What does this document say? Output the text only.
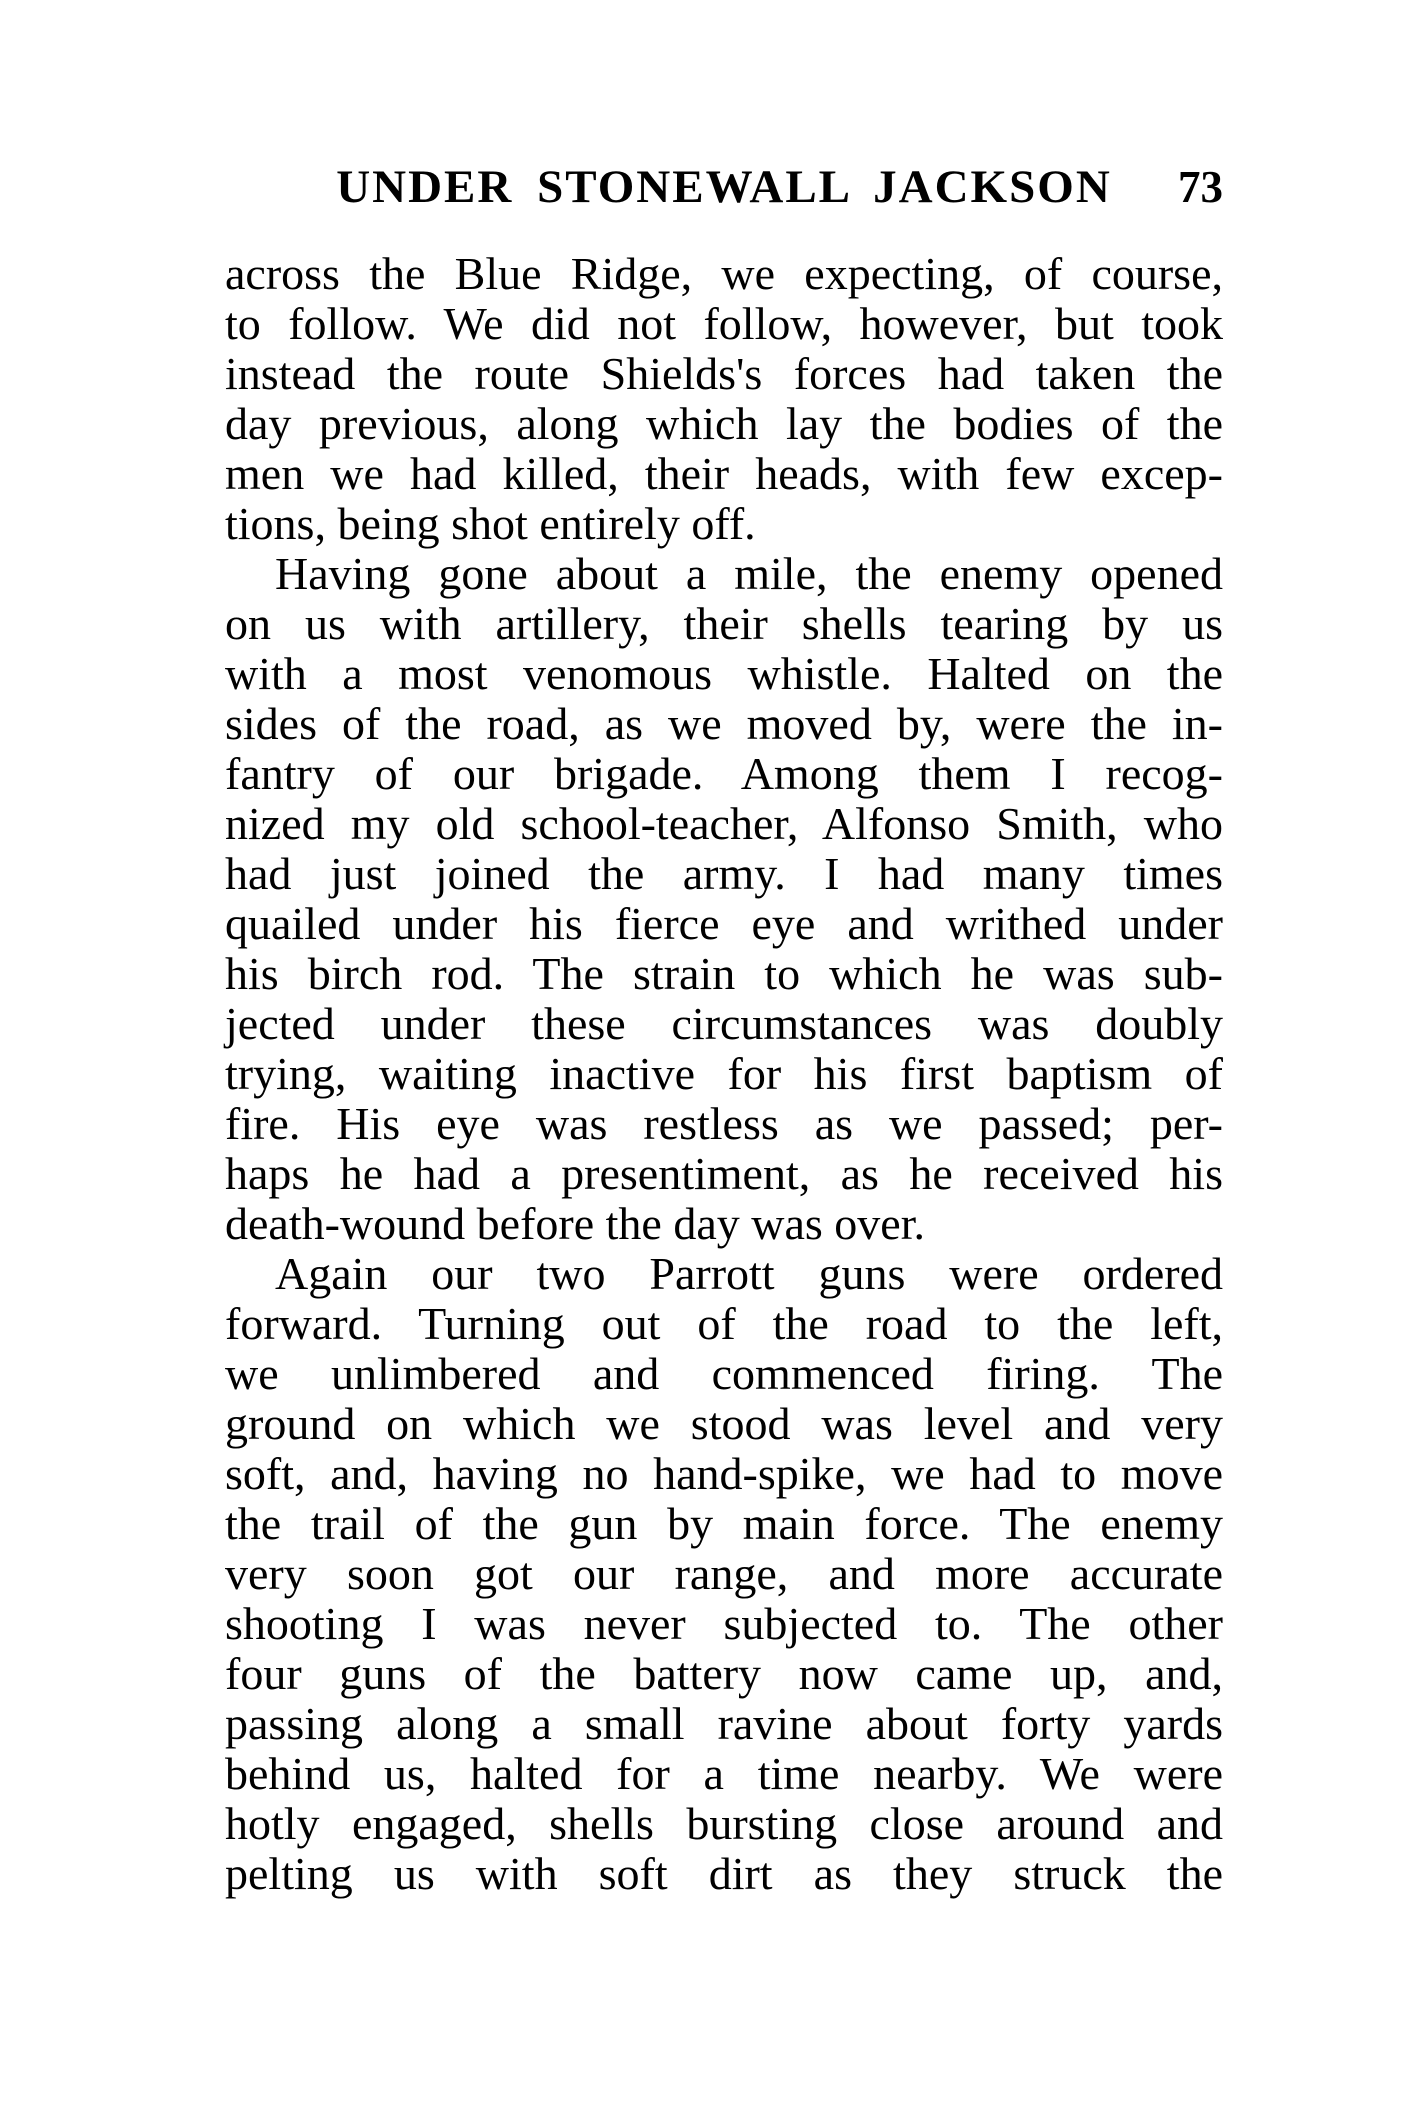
UNDER STONEWALL JACKSON	73
across the Blue Ridge, we expecting, of course,
to follow. We did not follow, however, but took
instead the route Shields's forces had taken the
day previous, along which lay the bodies of the
men we had killed, their heads, with few excep-
tions, being shot entirely off.
Having gone about a mile, the enemy opened
on us with artillery, their shells tearing by us
with a most venomous whistle. Halted on the
sides of the road, as we moved by, were the in-
fantry of our brigade. Among them I recog-
nized my old school-teacher, Alfonso Smith, who
had just joined the army. I had many times
quailed under his fierce eye and writhed under
his birch rod. The strain to which he was sub-
jected under these circumstances was doubly
trying, waiting inactive for his first baptism of
fire. His eye was restless as we passed; per-
haps he had a presentiment, as he received his
death-wound before the day was over.
Again our two Parrott guns were ordered
forward. Turning out of the road to the left,
we unlimbered and commenced firing. The
ground on which we stood was level and very
soft, and, having no hand-spike, we had to move
the trail of the gun by main force. The enemy
very soon got our range, and more accurate
shooting I was never subjected to. The other
four guns of the battery now came up, and,
passing along a small ravine about forty yards
behind us, halted for a time nearby. We were
hotly engaged, shells bursting close around and
pelting us with soft dirt as they struck the
